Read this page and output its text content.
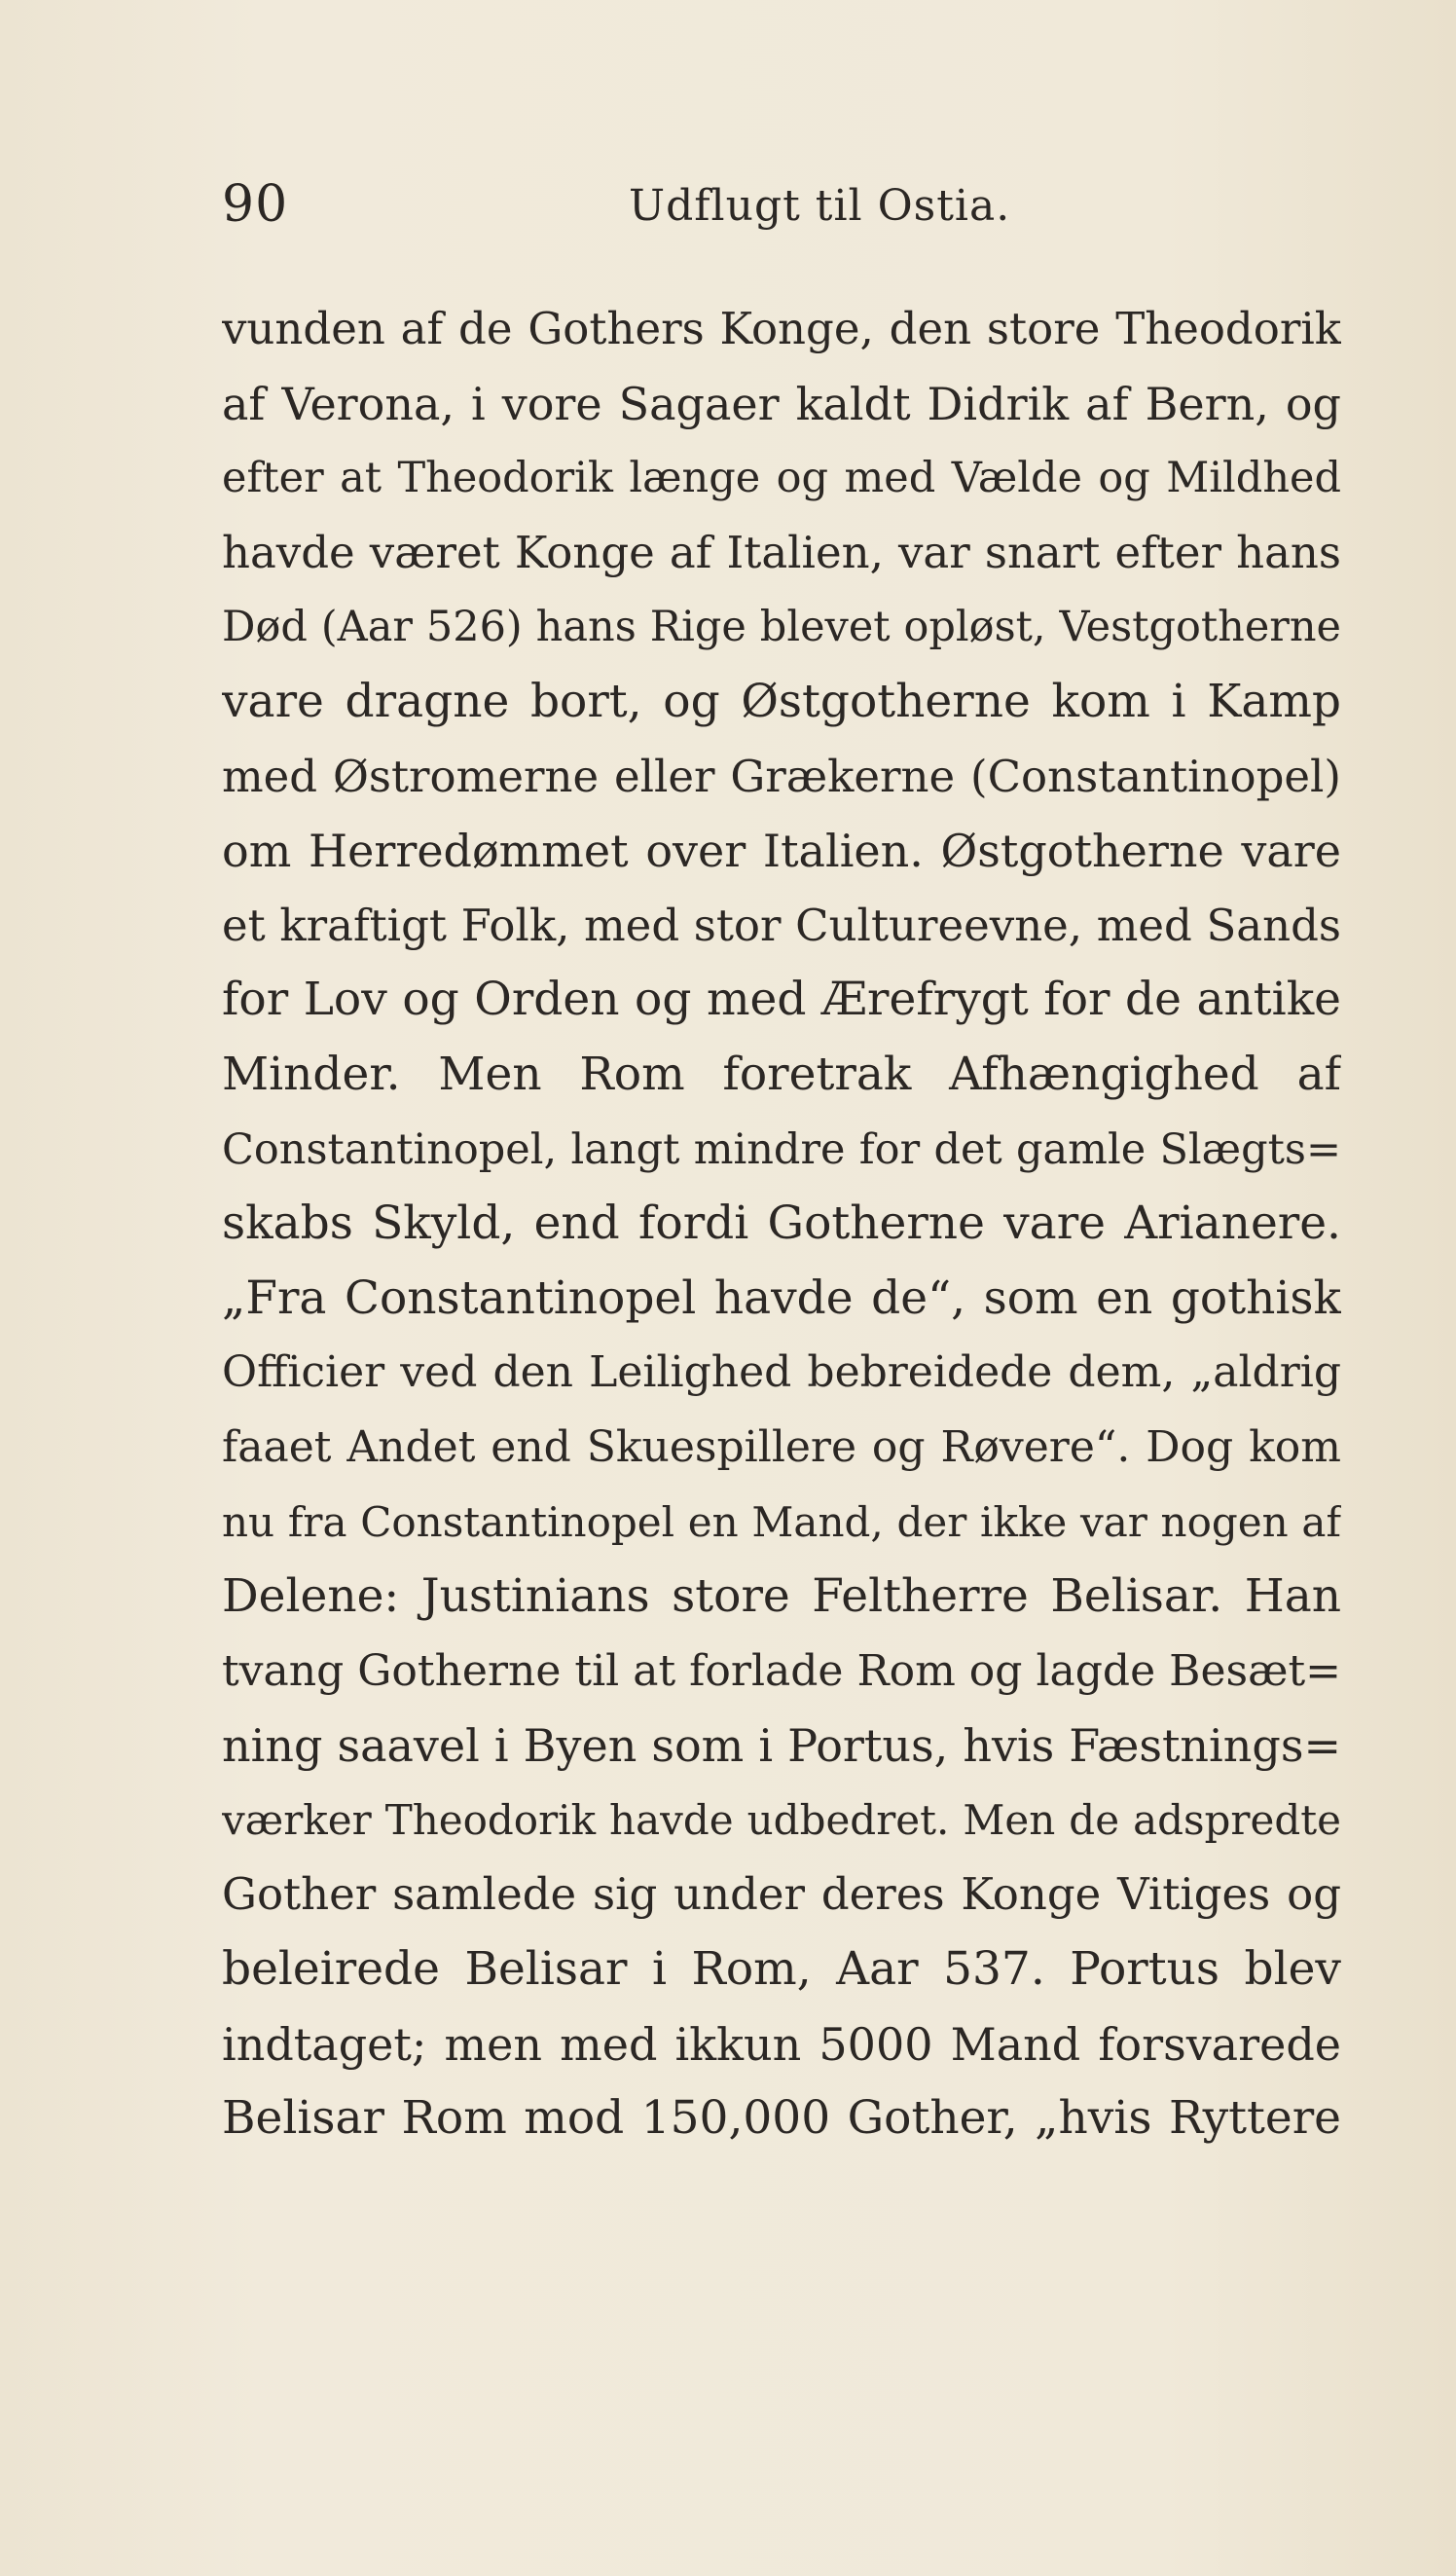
90	Udflugt til Ostia.
vunden af de Gothers Konge, den store Theodorik
af Verona, i vore Sagaer kaldt Didrik af Bern, og
efter at Theodorik længe og med Vælde og Mildhed
havde været Konge af Italien, var snart efter hans
Død (Aar 526) hans Rige blevet opløst, Vestgotherne
vare dragne bort, og Østgotherne kom i Kamp
med Østromerne eller Grækerne (Constantinopel)
om Herredømmet over Italien. Østgotherne vare
et kraftigt Folk, med stor Cultureevne, med Sands
for Lov og Orden og med Ærefrygt for de antike
Minder. Men Rom foretrak Afhængighed af
Constantinopel, langt mindre for det gamle Slægts=
skabs Skyld, end fordi Gotherne vare Arianere.
„Fra Constantinopel havde de“, som en gothisk
Officier ved den Leilighed bebreidede dem, „aldrig
faaet Andet end Skuespillere og Røvere“. Dog kom
nu fra Constantinopel en Mand, der ikke var nogen af
Delene: Justinians store Feltherre Belisar. Han
tvang Gotherne til at forlade Rom og lagde Besæt=
ning saavel i Byen som i Portus, hvis Fæstnings=
værker Theodorik havde udbedret. Men de adspredte
Gother samlede sig under deres Konge Vitiges og
beleirede Belisar i Rom, Aar 537. Portus blev
indtaget; men med ikkun 5000 Mand forsvarede
Belisar Rom mod 150,000 Gother, „hvis Ryttere
